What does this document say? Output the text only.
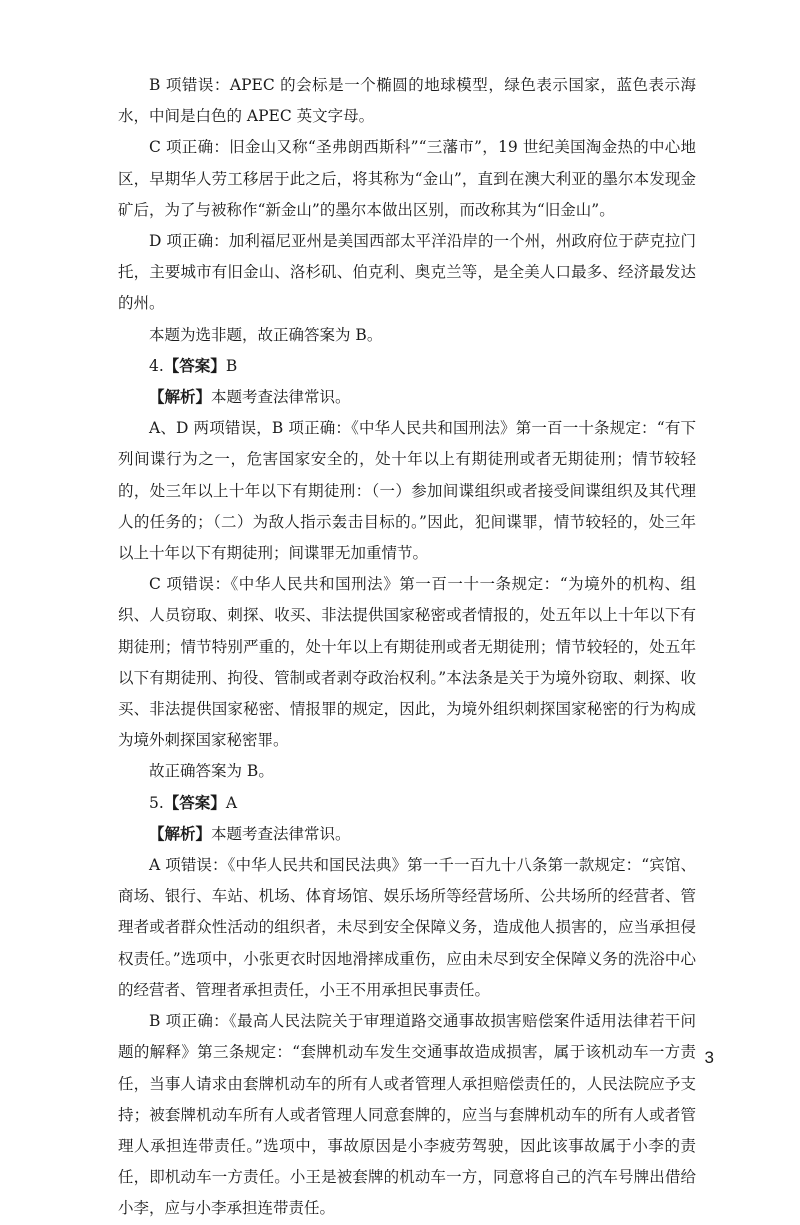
B 项错误：APEC 的会标是一个椭圆的地球模型，绿色表示国家，蓝色表示海水，中间是白色的 APEC 英文字母。

C 项正确：旧金山又称“圣弗朗西斯科”“三藩市”，19 世纪美国淘金热的中心地区，早期华人劳工移居于此之后，将其称为“金山”，直到在澳大利亚的墨尔本发现金矿后，为了与被称作“新金山”的墨尔本做出区别，而改称其为“旧金山”。

D 项正确：加利福尼亚州是美国西部太平洋沿岸的一个州，州政府位于萨克拉门托，主要城市有旧金山、洛杉矶、伯克利、奥克兰等，是全美人口最多、经济最发达的州。

本题为选非题，故正确答案为 B。

4.【答案】B

【解析】本题考查法律常识。

A、D 两项错误，B 项正确：《中华人民共和国刑法》第一百一十条规定：“有下列间谍行为之一，危害国家安全的，处十年以上有期徒刑或者无期徒刑；情节较轻的，处三年以上十年以下有期徒刑：（一）参加间谍组织或者接受间谍组织及其代理人的任务的；（二）为敌人指示轰击目标的。”因此，犯间谍罪，情节较轻的，处三年以上十年以下有期徒刑；间谍罪无加重情节。

C 项错误：《中华人民共和国刑法》第一百一十一条规定：“为境外的机构、组织、人员窃取、刺探、收买、非法提供国家秘密或者情报的，处五年以上十年以下有期徒刑；情节特别严重的，处十年以上有期徒刑或者无期徒刑；情节较轻的，处五年以下有期徒刑、拘役、管制或者剥夺政治权利。”本法条是关于为境外窃取、刺探、收买、非法提供国家秘密、情报罪的规定，因此，为境外组织刺探国家秘密的行为构成为境外刺探国家秘密罪。

故正确答案为 B。

5.【答案】A

【解析】本题考查法律常识。

A 项错误：《中华人民共和国民法典》第一千一百九十八条第一款规定：“宾馆、商场、银行、车站、机场、体育场馆、娱乐场所等经营场所、公共场所的经营者、管理者或者群众性活动的组织者，未尽到安全保障义务，造成他人损害的，应当承担侵权责任。”选项中，小张更衣时因地滑摔成重伤，应由未尽到安全保障义务的洗浴中心的经营者、管理者承担责任，小王不用承担民事责任。

B 项正确：《最高人民法院关于审理道路交通事故损害赔偿案件适用法律若干问题的解释》第三条规定：“套牌机动车发生交通事故造成损害，属于该机动车一方责任，当事人请求由套牌机动车的所有人或者管理人承担赔偿责任的，人民法院应予支持；被套牌机动车所有人或者管理人同意套牌的，应当与套牌机动车的所有人或者管理人承担连带责任。”选项中，事故原因是小李疲劳驾驶，因此该事故属于小李的责任，即机动车一方责任。小王是被套牌的机动车一方，同意将自己的汽车号牌出借给小李，应与小李承担连带责任。

3
